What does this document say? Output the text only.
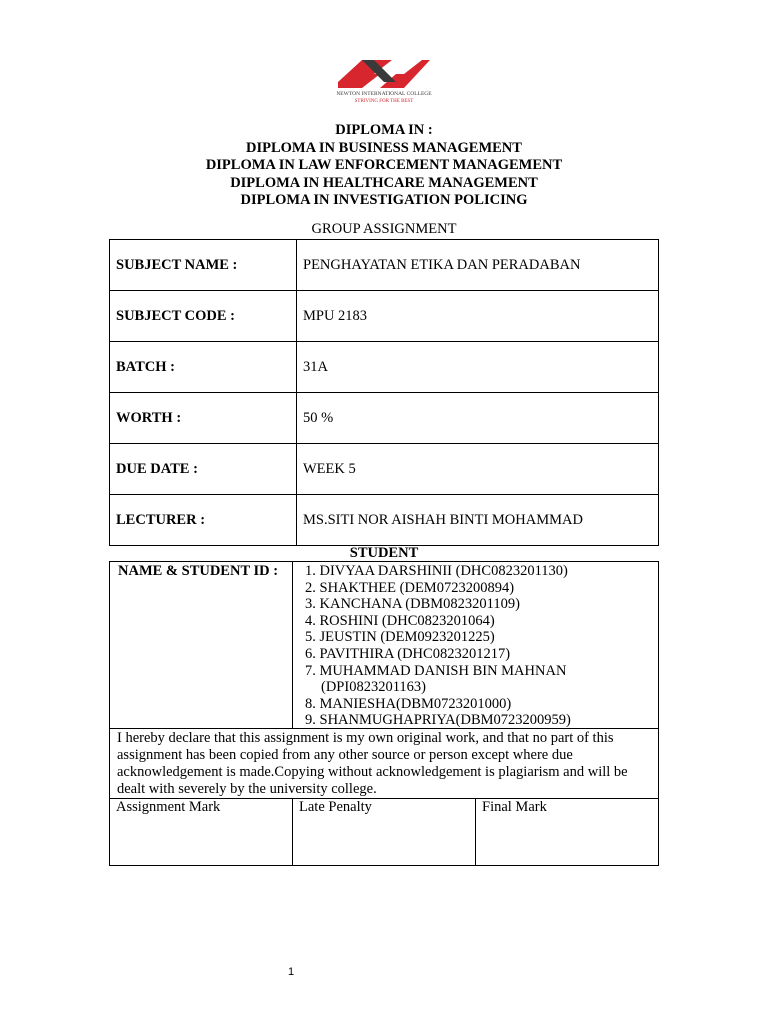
NEWTON INTERNATIONAL COLLEGE
STRIVING FOR THE BEST
DIPLOMA IN :
DIPLOMA IN BUSINESS MANAGEMENT
DIPLOMA IN LAW ENFORCEMENT MANAGEMENT
DIPLOMA IN HEALTHCARE MANAGEMENT
DIPLOMA IN INVESTIGATION POLICING
GROUP ASSIGNMENT
SUBJECT NAME :	PENGHAYATAN ETIKA DAN PERADABAN
SUBJECT CODE :	MPU 2183
BATCH :	31A
WORTH :	50 %
DUE DATE :	WEEK 5
LECTURER :	MS.SITI NOR AISHAH BINTI MOHAMMAD
STUDENT
NAME & STUDENT ID : 1. DIVYAA DARSHINII (DHC0823201130)
2. SHAKTHEE (DEM0723200894)
3. KANCHANA (DBM0823201109)
4. ROSHINI (DHC0823201064)
5. JEUSTIN (DEM0923201225)
6. PAVITHIRA (DHC0823201217)
7. MUHAMMAD DANISH BIN MAHNAN
(DPI0823201163)
8. MANIESHA(DBM0723201000)
9. SHANMUGHAPRIYA(DBM0723200959)
I hereby declare that this assignment is my own original work, and that no part of this assignment has been copied from any other source or person except where due acknowledgement is made.Copying without acknowledgement is plagiarism and will be dealt with severely by the university college.
Assignment Mark	Late Penalty	Final Mark
1
